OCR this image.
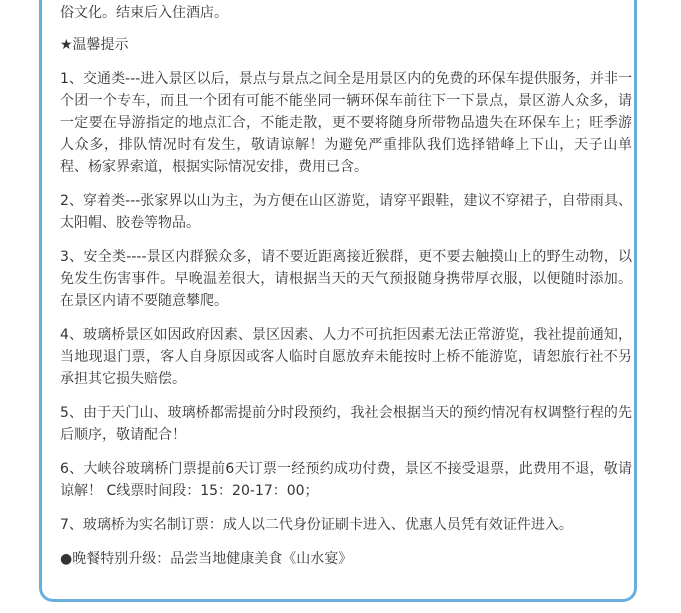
俗文化。结束后入住酒店。

★温馨提示

1、交通类---进入景区以后，景点与景点之间全是用景区内的免费的环保车提供服务，并非一个团一个专车，而且一个团有可能不能坐同一辆环保车前往下一下景点，景区游人众多，请一定要在导游指定的地点汇合，不能走散，更不要将随身所带物品遗失在环保车上；旺季游人众多，排队情况时有发生，敬请谅解！为避免严重排队我们选择错峰上下山，天子山单程、杨家界索道，根据实际情况安排，费用已含。

2、穿着类---张家界以山为主，为方便在山区游览，请穿平跟鞋，建议不穿裙子，自带雨具、太阳帽、胶卷等物品。

3、安全类----景区内群猴众多，请不要近距离接近猴群，更不要去触摸山上的野生动物，以免发生伤害事件。早晚温差很大，请根据当天的天气预报随身携带厚衣服，以便随时添加。在景区内请不要随意攀爬。

4、玻璃桥景区如因政府因素、景区因素、人力不可抗拒因素无法正常游览，我社提前通知，当地现退门票，客人自身原因或客人临时自愿放弃未能按时上桥不能游览，请恕旅行社不另承担其它损失赔偿。

5、由于天门山、玻璃桥都需提前分时段预约，我社会根据当天的预约情况有权调整行程的先后顺序，敬请配合！

6、大峡谷玻璃桥门票提前6天订票一经预约成功付费，景区不接受退票，此费用不退，敬请谅解！ C线票时间段：15：20-17：00；

7、玻璃桥为实名制订票：成人以二代身份证刷卡进入、优惠人员凭有效证件进入。

●晚餐特别升级：品尝当地健康美食《山水宴》
